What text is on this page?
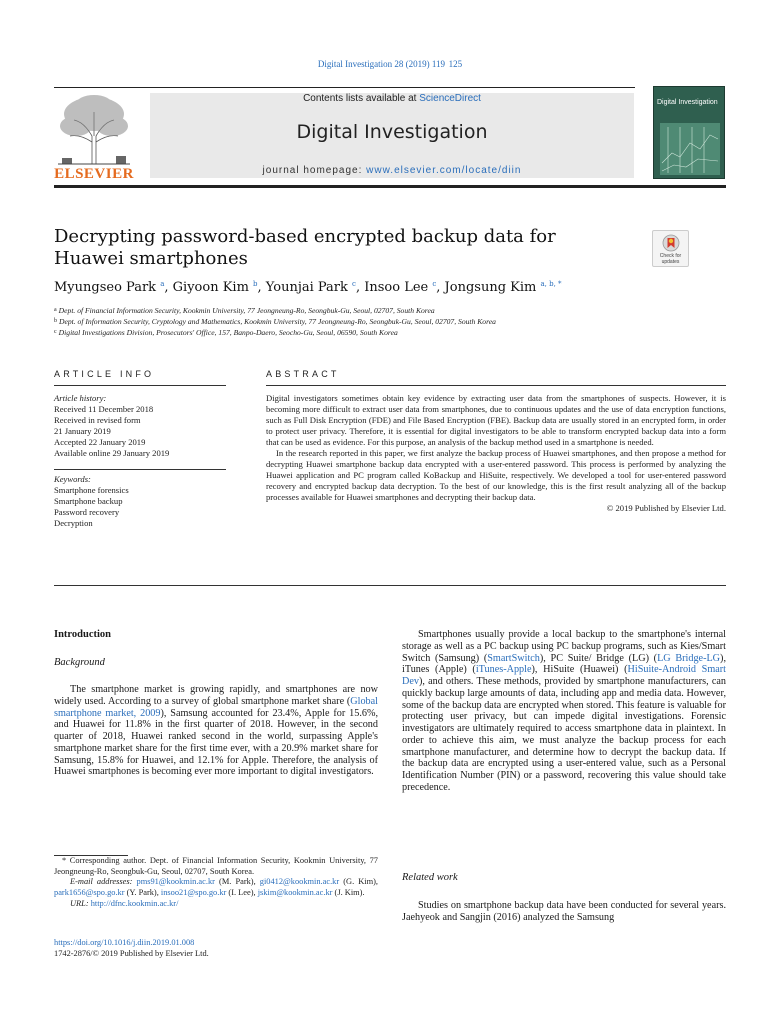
Digital Investigation 28 (2019) 119  125
ELSEVIER
Contents lists available at ScienceDirect
Digital Investigation
journal homepage: www.elsevier.com/locate/diin
Digital Investigation
Decrypting password-based encrypted backup data for Huawei smartphones	Check for updates
Myungseo Park $^a$, Giyoon Kim $^b$, Younjai Park $^c$, Insoo Lee $^c$, Jongsung Kim $^{a, b, *}$
$^a$ Dept. of Financial Information Security, Kookmin University, 77 Jeongneung-Ro, Seongbuk-Gu, Seoul, 02707, South Korea
$^b$ Dept. of Information Security, Cryptology and Mathematics, Kookmin University, 77 Jeongneung-Ro, Seongbuk-Gu, Seoul, 02707, South Korea
$^c$ Digital Investigations Division, Prosecutors' Office, 157, Banpo-Daero, Seocho-Gu, Seoul, 06590, South Korea
ARTICLE INFO	ABSTRACT
Article history:
Received 11 December 2018
Received in revised form
21 January 2019
Accepted 22 January 2019
Available online 29 January 2019
Keywords:
Smartphone forensics
Smartphone backup
Password recovery
Decryption

Digital investigators sometimes obtain key evidence by extracting user data from the smartphones of suspects. However, it is becoming more difficult to extract user data from smartphones, due to continuous updates and the use of data encryption functions, such as Full Disk Encryption (FDE) and File Based Encryption (FBE). Backup data are usually stored in an encrypted form, in order to protect user privacy. Therefore, it is essential for digital investigators to be able to transform encrypted backup data into a form that can be used as evidence. For this purpose, an analysis of the backup method used in a smartphone is needed.

In the research reported in this paper, we first analyze the backup process of Huawei smartphones, and then propose a method for decrypting Huawei smartphone backup data encrypted with a user-entered password. This process is performed by analyzing the Huawei application and PC program called KoBackup and HiSuite, respectively. We developed a tool for user-entered password recovery and encrypted backup data decryption. To the best of our knowledge, this is the first result analyzing all of the backup processes available for Huawei smartphones and decrypting their backup data.

© 2019 Published by Elsevier Ltd.

Introduction
Background
The smartphone market is growing rapidly, and smartphones are now widely used. According to a survey of global smartphone market share (Global smartphone market, 2009), Samsung accounted for 23.4%, Apple for 15.6%, and Huawei for 11.8% in the first quarter of 2018. However, in the second quarter of 2018, Huawei ranked second in the world, surpassing Apple's smartphone market share for the first time ever, with a 20.9% market share for Samsung, 15.8% for Huawei, and 12.1% for Apple. Therefore, the analysis of Huawei smartphones is becoming ever more important to digital investigators.
Smartphones usually provide a local backup to the smartphone's internal storage as well as a PC backup using PC backup programs, such as Kies/Smart Switch (Samsung) (SmartSwitch), PC Suite/ Bridge (LG) (LG Bridge-LG), iTunes (Apple) (iTunes-Apple), HiSuite (Huawei) (HiSuite-Android Smart Dev), and others. These methods, provided by smartphone manufacturers, can quickly backup large amounts of data, including app and media data. However, some of the backup data are encrypted when stored. This feature is valuable for protecting user privacy, but can impede digital investigations. Forensic investigators are ultimately required to access smartphone data in plaintext. In order to achieve this aim, we must analyze the backup process for each smartphone manufacturer, and determine how to decrypt the backup data. If the backup data are encrypted using a user-entered value, such as a Personal Identification Number (PIN) or a password, recovering this value should take precedence.
Related work
Studies on smartphone backup data have been conducted for several years. Jaehyeok and Sangjin (2016) analyzed the Samsung
* Corresponding author. Dept. of Financial Information Security, Kookmin University, 77 Jeongneung-Ro, Seongbuk-Gu, Seoul, 02707, South Korea.
E-mail addresses: pms91@kookmin.ac.kr (M. Park), gi0412@kookmin.ac.kr (G. Kim), park1656@spo.go.kr (Y. Park), insoo21@spo.go.kr (I. Lee), jskim@kookmin.ac.kr (J. Kim).
URL: http://dfnc.kookmin.ac.kr/
https://doi.org/10.1016/j.diin.2019.01.008
1742-2876/© 2019 Published by Elsevier Ltd.
